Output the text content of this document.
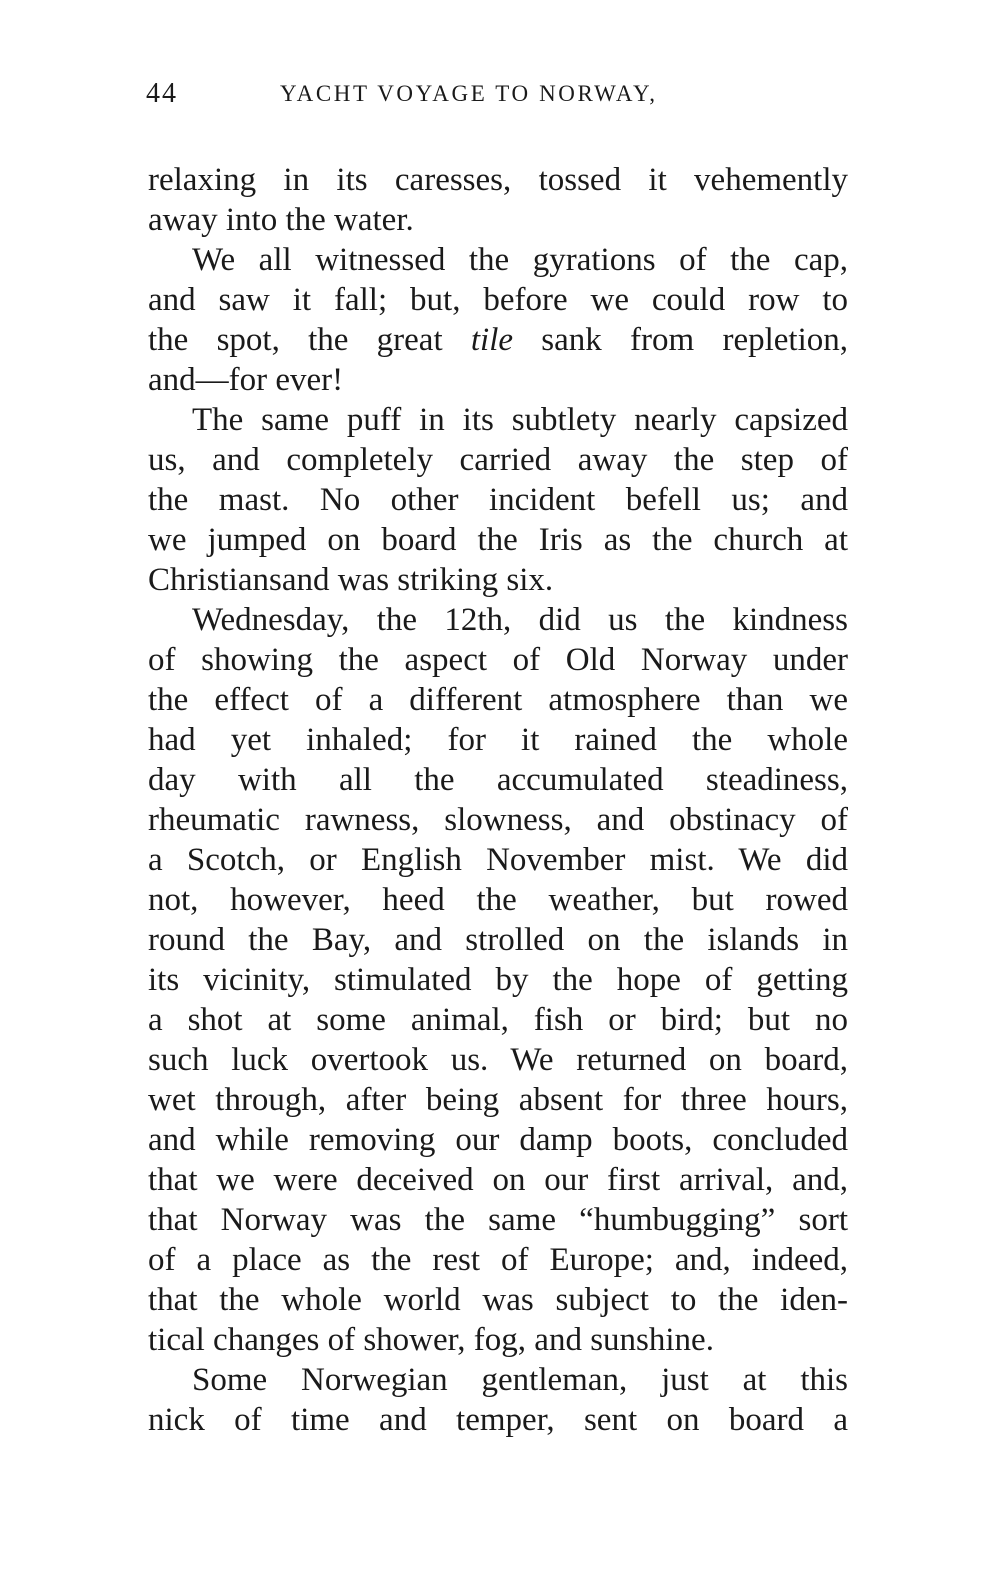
44	YACHT VOYAGE TO NORWAY,
relaxing in its caresses, tossed it vehemently
away into the water.
We all witnessed the gyrations of the cap,
and saw it fall; but, before we could row to
the spot, the great tile sank from repletion,
and—for ever!
The same puff in its subtlety nearly capsized
us, and completely carried away the step of
the mast. No other incident befell us; and
we jumped on board the Iris as the church at
Christiansand was striking six.
Wednesday, the 12th, did us the kindness
of showing the aspect of Old Norway under
the effect of a different atmosphere than we
had yet inhaled; for it rained the whole
day with all the accumulated steadiness,
rheumatic rawness, slowness, and obstinacy of
a Scotch, or English November mist. We did
not, however, heed the weather, but rowed
round the Bay, and strolled on the islands in
its vicinity, stimulated by the hope of getting
a shot at some animal, fish or bird; but no
such luck overtook us. We returned on board,
wet through, after being absent for three hours,
and while removing our damp boots, concluded
that we were deceived on our first arrival, and,
that Norway was the same “humbugging” sort
of a place as the rest of Europe; and, indeed,
that the whole world was subject to the iden-
tical changes of shower, fog, and sunshine.
Some Norwegian gentleman, just at this
nick of time and temper, sent on board a
